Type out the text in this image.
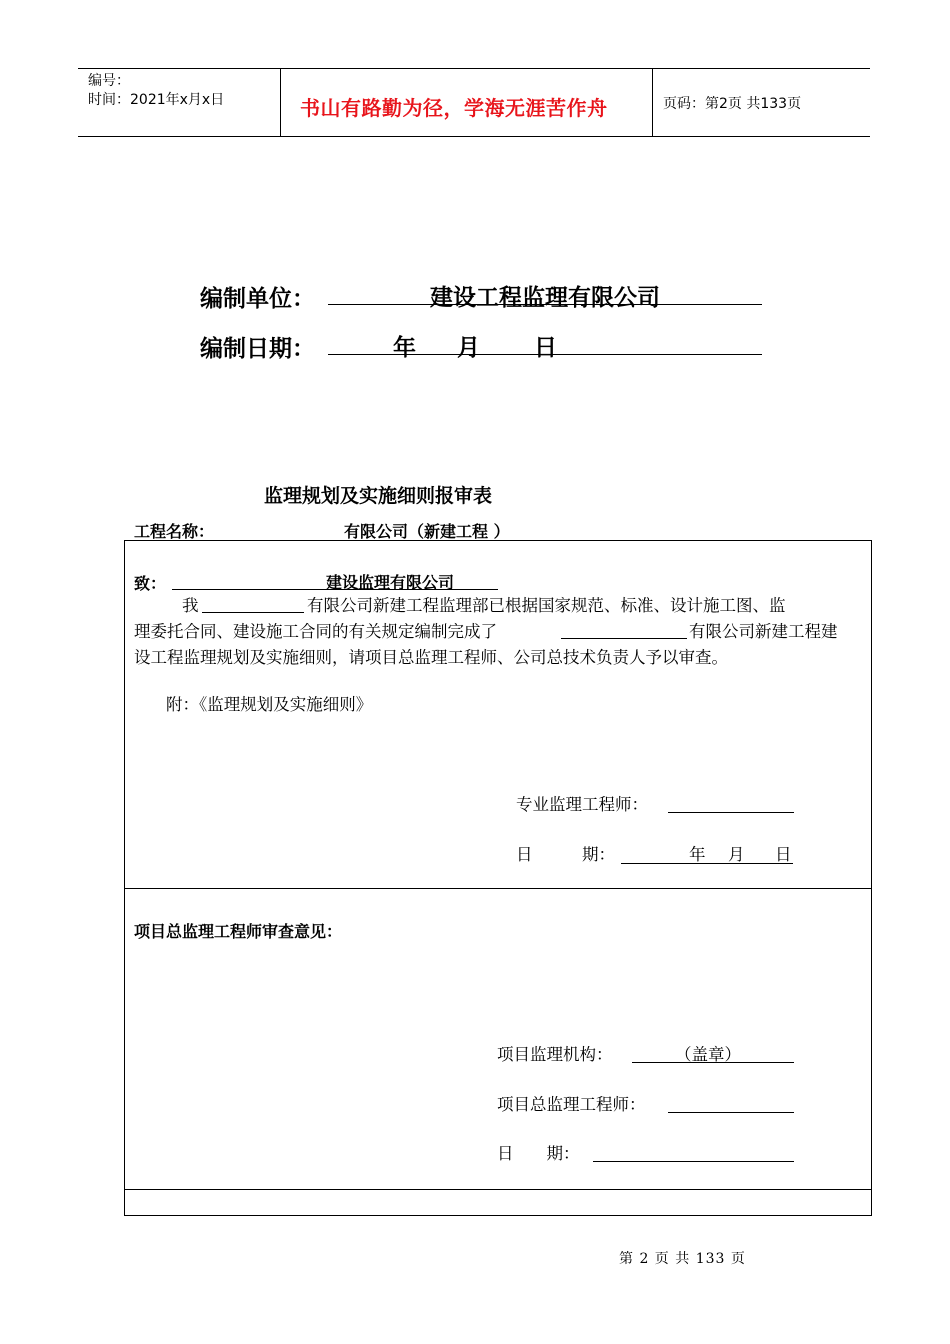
编号：
时间：2021年x月x日	书山有路勤为径，学海无涯苦作舟	页码：第2页 共133页
编制单位：	建设工程监理有限公司
编制日期：	年 月 日
监理规划及实施细则报审表
工程名称：	有限公司（新建工程 ）
致：	建设监理有限公司
我	有限公司新建工程监理部已根据国家规范、标准、设计施工图、监
理委托合同、建设施工合同的有关规定编制完成了	有限公司新建工程建
设工程监理规划及实施细则，请项目总监理工程师、公司总技术负责人予以审查。
附：《监理规划及实施细则》
专业监理工程师：
日　　　期：	年 月 日
项目总监理工程师审查意见：
项目监理机构：	（盖章）
项目总监理工程师：
日　　期：
第 2 页 共 133 页
